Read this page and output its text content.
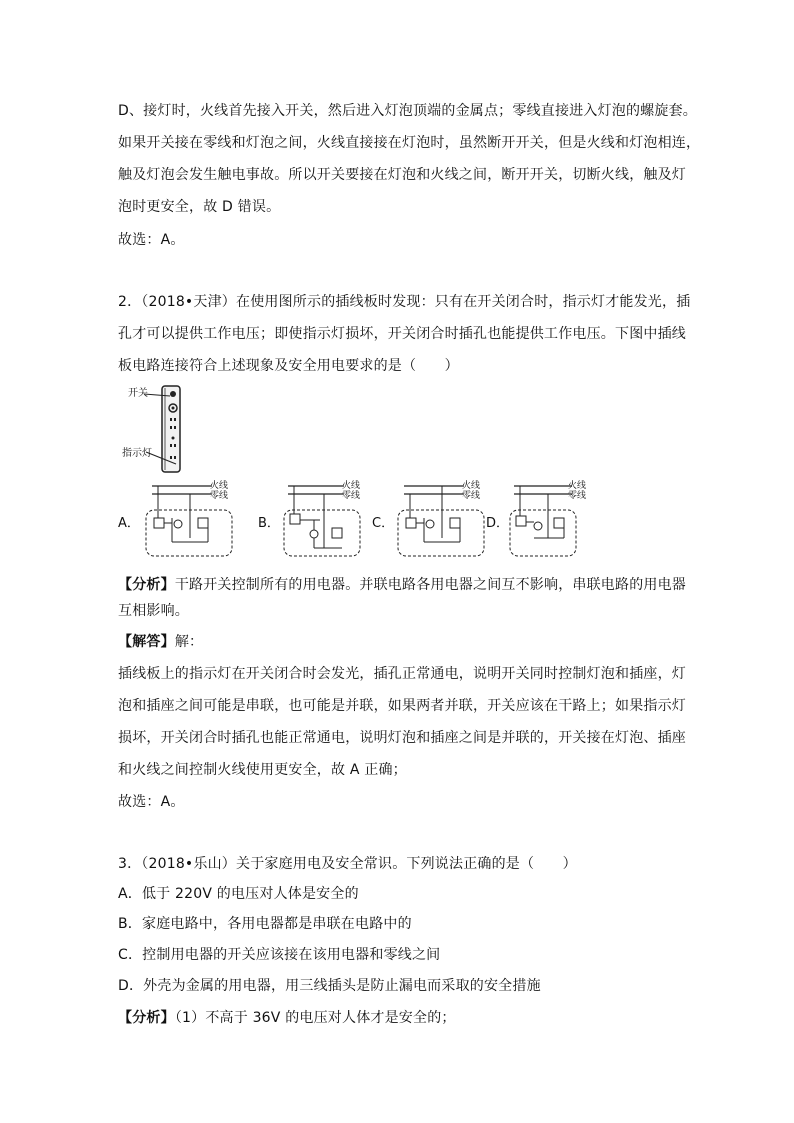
D、接灯时，火线首先接入开关，然后进入灯泡顶端的金属点；零线直接进入灯泡的螺旋套。
如果开关接在零线和灯泡之间，火线直接接在灯泡时，虽然断开开关，但是火线和灯泡相连，
触及灯泡会发生触电事故。所以开关要接在灯泡和火线之间，断开开关，切断火线，触及灯
泡时更安全，故 D 错误。
故选：A。
2．（2018•天津）在使用图所示的插线板时发现：只有在开关闭合时，指示灯才能发光，插
孔才可以提供工作电压；即使指示灯损坏，开关闭合时插孔也能提供工作电压。下图中插线
板电路连接符合上述现象及安全用电要求的是（　　）
开关
指示灯
A．
火线
零线
B．
火线
零线
C．
火线
零线
D．
火线
零线
【分析】干路开关控制所有的用电器。并联电路各用电器之间互不影响，串联电路的用电器
互相影响。
【解答】解：
插线板上的指示灯在开关闭合时会发光，插孔正常通电，说明开关同时控制灯泡和插座，灯
泡和插座之间可能是串联，也可能是并联，如果两者并联，开关应该在干路上；如果指示灯
损坏，开关闭合时插孔也能正常通电，说明灯泡和插座之间是并联的，开关接在灯泡、插座
和火线之间控制火线使用更安全，故 A 正确；
故选：A。
3．（2018•乐山）关于家庭用电及安全常识。下列说法正确的是（　　）
A．低于 220V 的电压对人体是安全的
B．家庭电路中，各用电器都是串联在电路中的
C．控制用电器的开关应该接在该用电器和零线之间
D．外壳为金属的用电器，用三线插头是防止漏电而采取的安全措施
【分析】（1）不高于 36V 的电压对人体才是安全的；
